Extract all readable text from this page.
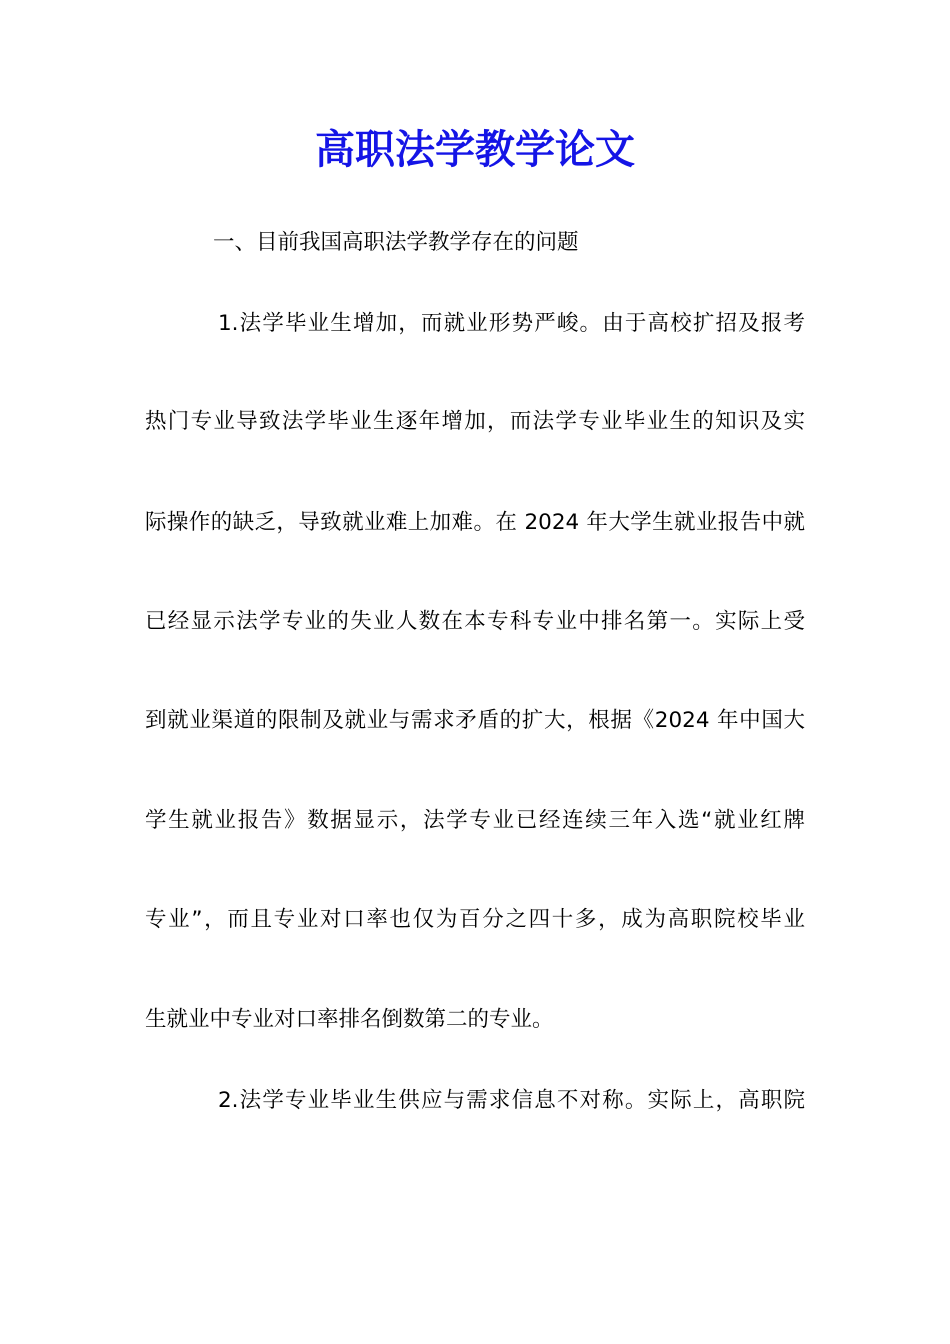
高职法学教学论文

一、目前我国高职法学教学存在的问题

1.法学毕业生增加，而就业形势严峻。由于高校扩招及报考

热门专业导致法学毕业生逐年增加，而法学专业毕业生的知识及实

际操作的缺乏，导致就业难上加难。在 2024 年大学生就业报告中就

已经显示法学专业的失业人数在本专科专业中排名第一。实际上受

到就业渠道的限制及就业与需求矛盾的扩大，根据《2024 年中国大

学生就业报告》数据显示，法学专业已经连续三年入选“就业红牌

专业”，而且专业对口率也仅为百分之四十多，成为高职院校毕业

生就业中专业对口率排名倒数第二的专业。

2.法学专业毕业生供应与需求信息不对称。实际上，高职院
